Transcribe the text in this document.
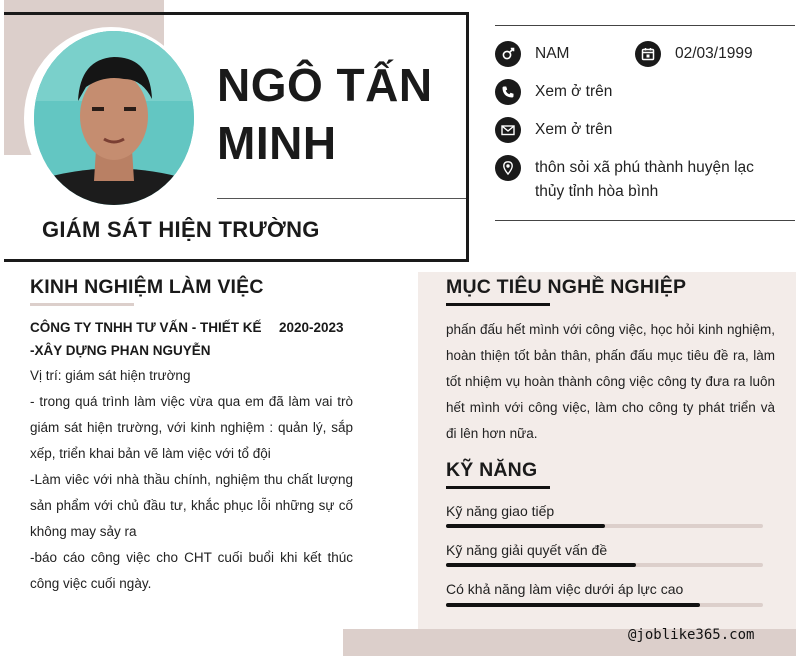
NGÔ TẤN
MINH
GIÁM SÁT HIỆN TRƯỜNG
NAM	02/03/1999
Xem ở trên
Xem ở trên
thôn sỏi xã phú thành huyện lạc thủy tỉnh hòa bình
KINH NGHIỆM LÀM VIỆC
CÔNG TY TNHH TƯ VẤN - THIẾT KẾ 2020-2023
-XÂY DỰNG PHAN NGUYỄN
Vị trí: giám sát hiện trường
- trong quá trình làm việc vừa qua em đã làm vai trò giám sát hiện trường, với kinh nghiệm : quản lý, sắp xếp, triển khai bản vẽ làm việc với tổ đội
-Làm viêc với nhà thầu chính, nghiệm thu chất lượng sản phẩm với chủ đầu tư, khắc phục lỗi những sự cố không may sảy ra
-báo cáo công việc cho CHT cuối buổi khi kết thúc công việc cuối ngày.
MỤC TIÊU NGHỀ NGHIỆP
phấn đấu hết mình với công việc, học hỏi kinh nghiệm, hoàn thiện tốt bản thân, phấn đấu mục tiêu đề ra, làm tốt nhiệm vụ hoàn thành công việc công ty đưa ra luôn hết mình với công việc, làm cho công ty phát triển và đi lên hơn nữa.
KỸ NĂNG
Kỹ năng giao tiếp
Kỹ năng giải quyết vấn đề
Có khả năng làm việc dưới áp lực cao
@joblike365.com
